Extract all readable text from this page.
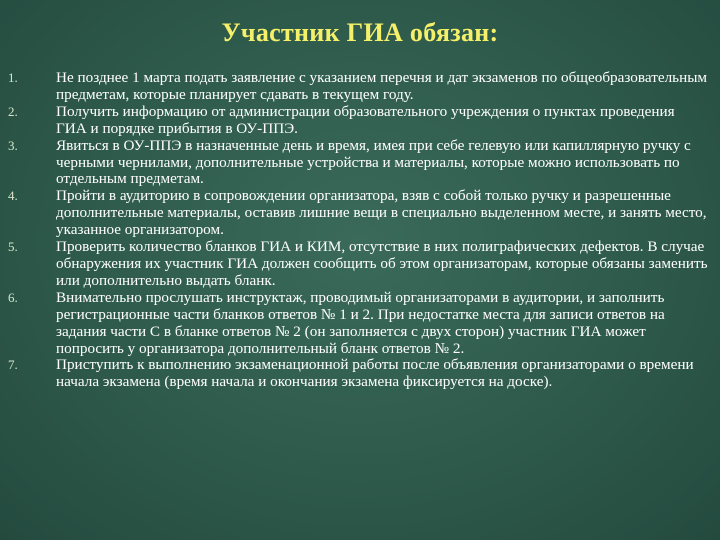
Участник ГИА обязан:
1.	Не позднее 1 марта подать заявление с указанием перечня и дат экзаменов по общеобразовательным предметам, которые планирует сдавать в текущем году.
2.	Получить информацию от администрации образовательного учреждения о пунктах проведения ГИА и порядке прибытия в ОУ-ППЭ.
3.	Явиться в ОУ-ППЭ в назначенные день и время, имея при себе гелевую или капиллярную ручку с черными чернилами, дополнительные устройства и материалы, которые можно использовать по отдельным предметам.
4.	Пройти в аудиторию в сопровождении организатора, взяв с собой только ручку и разрешенные дополнительные материалы, оставив лишние вещи в специально выделенном месте, и занять место, указанное организатором.
5.	Проверить количество бланков ГИА и КИМ, отсутствие в них полиграфических дефектов. В случае обнаружения их участник ГИА должен сообщить об этом организаторам, которые обязаны заменить или дополнительно выдать бланк.
6.	Внимательно прослушать инструктаж, проводимый организаторами в аудитории, и заполнить регистрационные части бланков ответов № 1 и 2. При недостатке места для записи ответов на задания части С в бланке ответов № 2 (он заполняется с двух сторон) участник ГИА может попросить у организатора дополнительный бланк ответов № 2.
7.	Приступить к выполнению экзаменационной работы после объявления организаторами о времени начала экзамена (время начала и окончания экзамена фиксируется на доске).
